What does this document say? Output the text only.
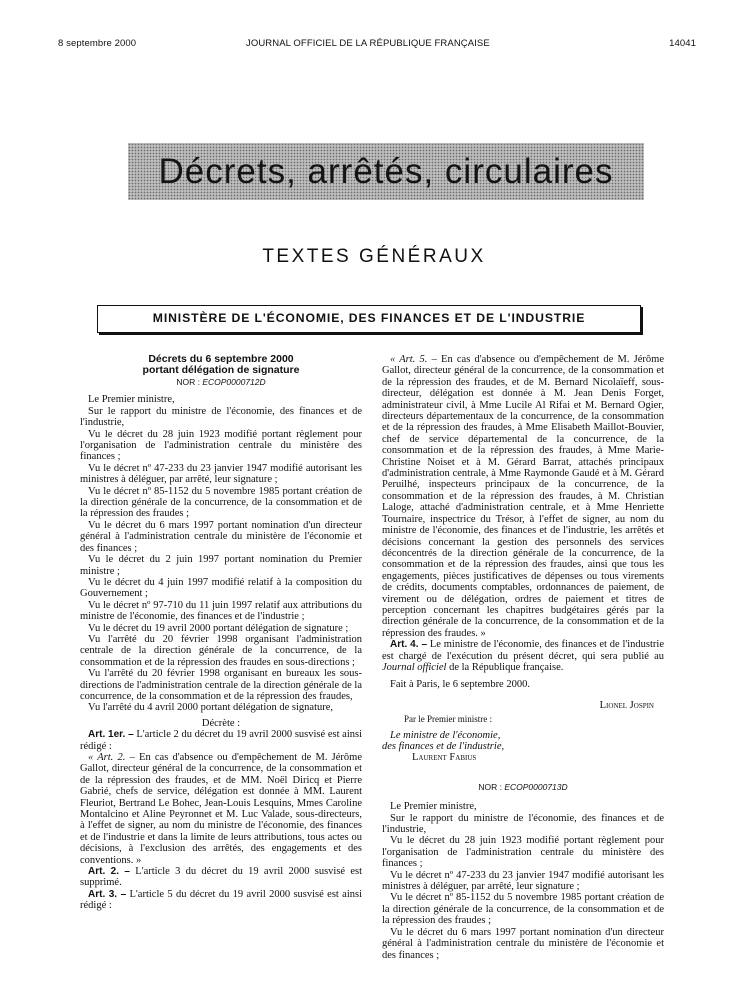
8 septembre 2000	JOURNAL OFFICIEL DE LA RÉPUBLIQUE FRANÇAISE	14041
Décrets, arrêtés, circulaires
TEXTES GÉNÉRAUX
MINISTÈRE DE L'ÉCONOMIE, DES FINANCES ET DE L'INDUSTRIE
Décrets du 6 septembre 2000
portant délégation de signature
NOR : ECOP0000712D

Le Premier ministre,

Sur le rapport du ministre de l'économie, des finances et de l'industrie,

Vu le décret du 28 juin 1923 modifié portant règlement pour l'organisation de l'administration centrale du ministère des finances ;

Vu le décret nº 47-233 du 23 janvier 1947 modifié autorisant les ministres à déléguer, par arrêté, leur signature ;

Vu le décret nº 85-1152 du 5 novembre 1985 portant création de la direction générale de la concurrence, de la consommation et de la répression des fraudes ;

Vu le décret du 6 mars 1997 portant nomination d'un directeur général à l'administration centrale du ministère de l'économie et des finances ;

Vu le décret du 2 juin 1997 portant nomination du Premier ministre ;

Vu le décret du 4 juin 1997 modifié relatif à la composition du Gouvernement ;

Vu le décret nº 97-710 du 11 juin 1997 relatif aux attributions du ministre de l'économie, des finances et de l'industrie ;

Vu le décret du 19 avril 2000 portant délégation de signature ;

Vu l'arrêté du 20 février 1998 organisant l'administration centrale de la direction générale de la concurrence, de la consommation et de la répression des fraudes en sous-directions ;

Vu l'arrêté du 20 février 1998 organisant en bureaux les sous-directions de l'administration centrale de la direction générale de la concurrence, de la consommation et de la répression des fraudes,

Vu l'arrêté du 4 avril 2000 portant délégation de signature,

Décrète :

Art. 1er. – L'article 2 du décret du 19 avril 2000 susvisé est ainsi rédigé :

« Art. 2. – En cas d'absence ou d'empêchement de M. Jérôme Gallot, directeur général de la concurrence, de la consommation et de la répression des fraudes, et de MM. Noël Diricq et Pierre Gabrié, chefs de service, délégation est donnée à MM. Laurent Fleuriot, Bertrand Le Bohec, Jean-Louis Lesquins, Mmes Caroline Montalcino et Aline Peyronnet et M. Luc Valade, sous-directeurs, à l'effet de signer, au nom du ministre de l'économie, des finances et de l'industrie et dans la limite de leurs attributions, tous actes ou décisions, à l'exclusion des arrêtés, des engagements et des conventions. »

Art. 2. – L'article 3 du décret du 19 avril 2000 susvisé est supprimé.

Art. 3. – L'article 5 du décret du 19 avril 2000 susvisé est ainsi rédigé :

« Art. 5. – En cas d'absence ou d'empêchement de M. Jérôme Gallot, directeur général de la concurrence, de la consommation et de la répression des fraudes, et de M. Bernard Nicolaïeff, sous-directeur, délégation est donnée à M. Jean Denis Forget, administrateur civil, à Mme Lucile Al Rifai et M. Bernard Ogier, directeurs départementaux de la concurrence, de la consommation et de la répression des fraudes, à Mme Elisabeth Maillot-Bouvier, chef de service départemental de la concurrence, de la consommation et de la répression des fraudes, à Mme Marie-Christine Noiset et à M. Gérard Barrat, attachés principaux d'administration centrale, à Mme Raymonde Gaudé et à M. Gérard Peruilhé, inspecteurs principaux de la concurrence, de la consommation et de la répression des fraudes, à M. Christian Laloge, attaché d'administration centrale, et à Mme Henriette Tournaire, inspectrice du Trésor, à l'effet de signer, au nom du ministre de l'économie, des finances et de l'industrie, les arrêtés et décisions concernant la gestion des personnels des services déconcentrés de la direction générale de la concurrence, de la consommation et de la répression des fraudes, ainsi que tous les engagements, pièces justificatives de dépenses ou tous virements de crédits, documents comptables, ordonnances de paiement, de virement ou de délégation, ordres de paiement et titres de perception concernant les chapitres budgétaires gérés par la direction générale de la concurrence, de la consommation et de la répression des fraudes. »

Art. 4. – Le ministre de l'économie, des finances et de l'industrie est chargé de l'exécution du présent décret, qui sera publié au Journal officiel de la République française.

Fait à Paris, le 6 septembre 2000.

Lionel Jospin

Par le Premier ministre :

Le ministre de l'économie,

des finances et de l'industrie,

Laurent Fabius

NOR : ECOP0000713D

Le Premier ministre,

Sur le rapport du ministre de l'économie, des finances et de l'industrie,

Vu le décret du 28 juin 1923 modifié portant règlement pour l'organisation de l'administration centrale du ministère des finances ;

Vu le décret nº 47-233 du 23 janvier 1947 modifié autorisant les ministres à déléguer, par arrêté, leur signature ;

Vu le décret nº 85-1152 du 5 novembre 1985 portant création de la direction générale de la concurrence, de la consommation et de la répression des fraudes ;

Vu le décret du 6 mars 1997 portant nomination d'un directeur général à l'administration centrale du ministère de l'économie et des finances ;
